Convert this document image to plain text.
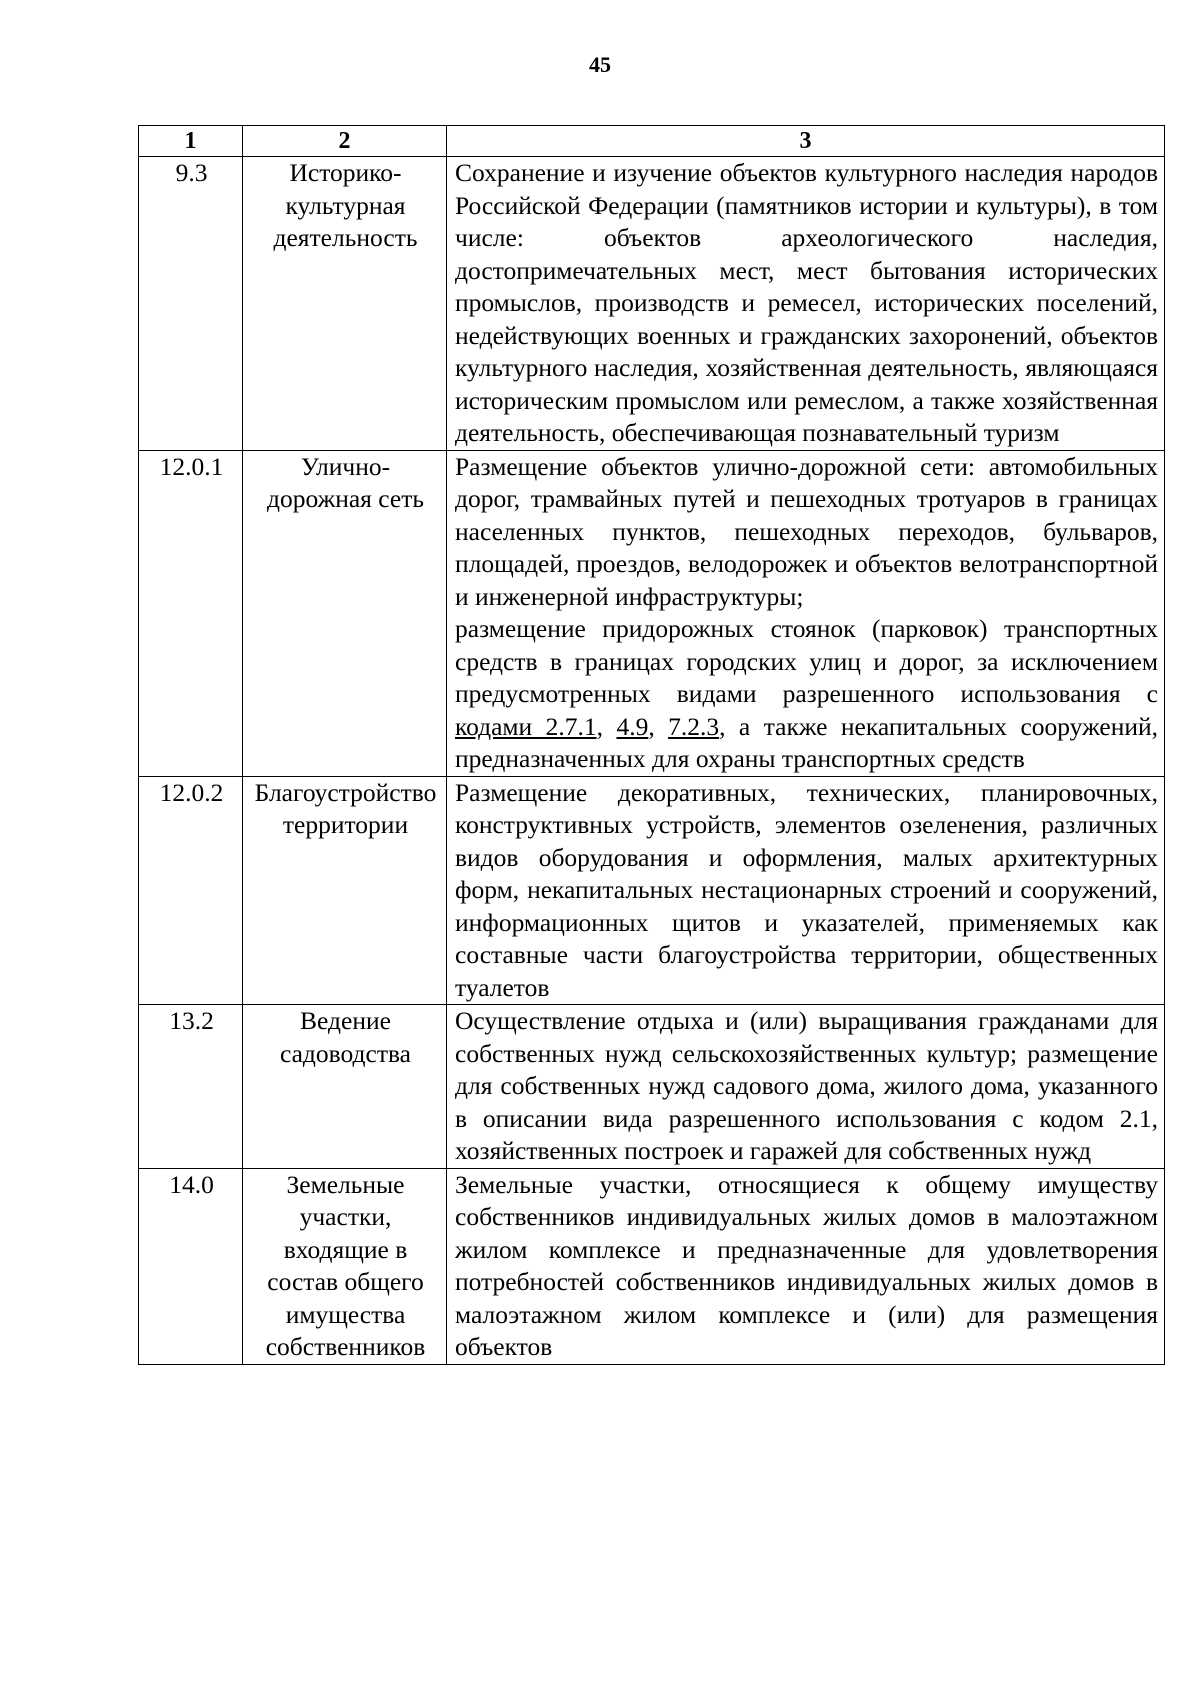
45
1	2	3
9.3	Историко-культурная деятельность	Сохранение и изучение объектов культурного наследия народов Российской Федерации (памятников истории и культуры), в том числе: объектов археологического наследия,
достопримечательных мест, мест бытования исторических промыслов, производств и ремесел, исторических поселений, недействующих военных и гражданских захоронений, объектов культурного наследия, хозяйственная деятельность, являющаяся историческим промыслом или ремеслом, а также хозяйственная деятельность, обеспечивающая познавательный туризм

12.0.1	Улично-дорожная сеть	Размещение объектов улично-дорожной сети: автомобильных дорог, трамвайных путей и пешеходных тротуаров в границах населенных пунктов, пешеходных переходов, бульваров, площадей, проездов, велодорожек и объектов велотранспортной и инженерной инфраструктуры;
размещение придорожных стоянок (парковок) транспортных средств в границах городских улиц и дорог, за исключением предусмотренных видами разрешенного использования с кодами 2.7.1, 4.9, 7.2.3, а также некапитальных сооружений, предназначенных для охраны транспортных средств

12.0.2	Благоустройство территории	Размещение декоративных, технических, планировочных, конструктивных устройств, элементов озеленения, различных видов оборудования и оформления, малых архитектурных форм, некапитальных нестационарных строений и сооружений, информационных щитов и указателей, применяемых как составные части благоустройства территории, общественных туалетов

13.2	Ведение садоводства	Осуществление отдыха и (или) выращивания гражданами для собственных нужд сельскохозяйственных культур; размещение для собственных нужд садового дома, жилого дома, указанного в описании вида разрешенного использования с кодом 2.1, хозяйственных построек и гаражей для собственных нужд

14.0	Земельные участки, входящие в состав общего имущества собственников	Земельные участки, относящиеся к общему имуществу собственников индивидуальных жилых домов в малоэтажном жилом комплексе и предназначенные для удовлетворения потребностей собственников индивидуальных жилых домов в малоэтажном жилом комплексе и (или) для размещения объектов
